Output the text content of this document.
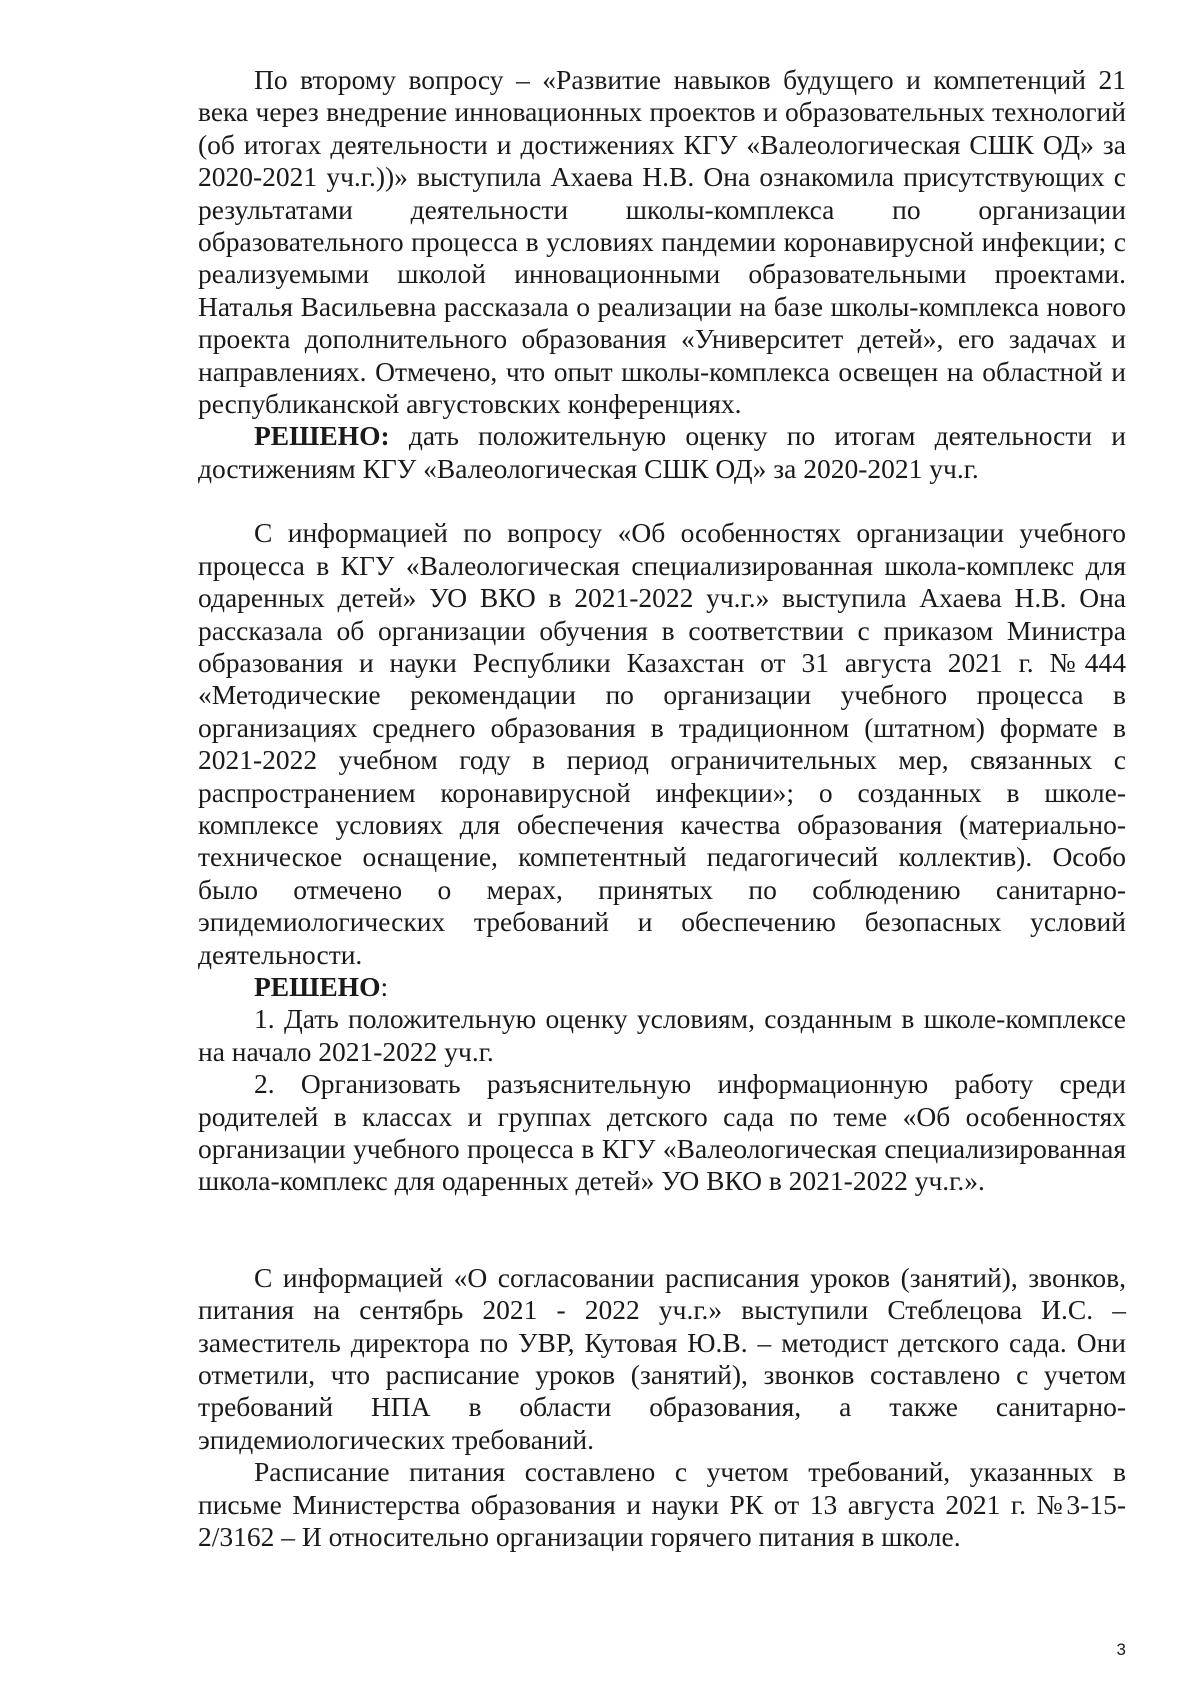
По второму вопросу – «Развитие навыков будущего и компетенций 21 века через внедрение инновационных проектов и образовательных технологий (об итогах деятельности и достижениях КГУ «Валеологическая СШК ОД» за 2020-2021 уч.г.))» выступила Ахаева Н.В. Она ознакомила присутствующих с результатами деятельности школы-комплекса по организации образовательного процесса в условиях пандемии коронавирусной инфекции; с реализуемыми школой инновационными образовательными проектами. Наталья Васильевна рассказала о реализации на базе школы-комплекса нового проекта дополнительного образования «Университет детей», его задачах и направлениях. Отмечено, что опыт школы-комплекса освещен на областной и республиканской августовских конференциях.

РЕШЕНО: дать положительную оценку по итогам деятельности и достижениям КГУ «Валеологическая СШК ОД» за 2020-2021 уч.г.

С информацией по вопросу «Об особенностях организации учебного процесса в КГУ «Валеологическая специализированная школа-комплекс для одаренных детей» УО ВКО в 2021-2022 уч.г.» выступила Ахаева Н.В. Она рассказала об организации обучения в соответствии с приказом Министра образования и науки Республики Казахстан от 31 августа 2021 г. №444 «Методические рекомендации по организации учебного процесса в организациях среднего образования в традиционном (штатном) формате в 2021-2022 учебном году в период ограничительных мер, связанных с распространением коронавирусной инфекции»; о созданных в школе-комплексе условиях для обеспечения качества образования (материально-техническое оснащение, компетентный педагогичесий коллектив). Особо было отмечено о мерах, принятых по соблюдению санитарно-эпидемиологических требований и обеспечению безопасных условий деятельности.

РЕШЕНО:

1. Дать положительную оценку условиям, созданным в школе-комплексе на начало 2021-2022 уч.г.

2. Организовать разъяснительную информационную работу среди родителей в классах и группах детского сада по теме «Об особенностях организации учебного процесса в КГУ «Валеологическая специализированная школа-комплекс для одаренных детей» УО ВКО в 2021-2022 уч.г.».

С информацией «О согласовании расписания уроков (занятий), звонков, питания на сентябрь 2021 - 2022 уч.г.» выступили Стеблецова И.С. – заместитель директора по УВР, Кутовая Ю.В. – методист детского сада. Они отметили, что расписание уроков (занятий), звонков составлено с учетом требований НПА в области образования, а также санитарно-эпидемиологических требований.

Расписание питания составлено с учетом требований, указанных в письме Министерства образования и науки РК от 13 августа 2021 г. №3-15-2/3162 – И относительно организации горячего питания в школе.

3
